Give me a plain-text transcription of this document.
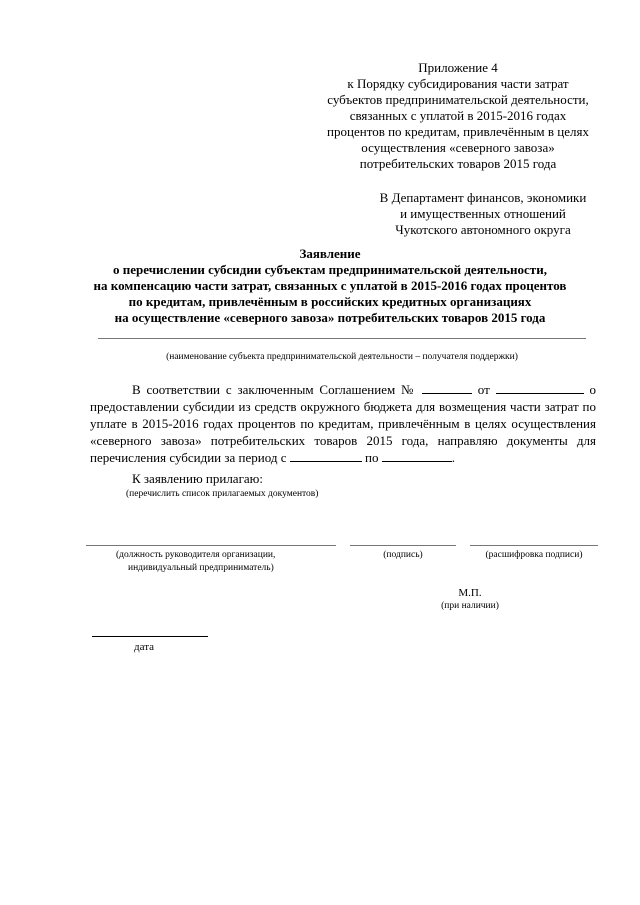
Приложение 4
к Порядку субсидирования части затрат
субъектов предпринимательской деятельности,
связанных с уплатой в 2015-2016 годах
процентов по кредитам, привлечённым в целях
осуществления «северного завоза»
потребительских товаров 2015 года
В Департамент финансов, экономики
и имущественных отношений
Чукотского автономного округа
Заявление
о перечислении субсидии субъектам предпринимательской деятельности,
на компенсацию части затрат, связанных с уплатой в 2015-2016 годах процентов
по кредитам, привлечённым в российских кредитных организациях
на осуществление «северного завоза» потребительских товаров 2015 года
(наименование субъекта предпринимательской деятельности – получателя поддержки)
В соответствии с заключенным Соглашением №	от	о предоставлении субсидии из средств окружного бюджета для возмещения части затрат по уплате в 2015-2016 годах процентов по кредитам, привлечённым в целях осуществления «северного завоза» потребительских товаров 2015 года, направляю документы для перечисления субсидии за период с	по	.
К заявлению прилагаю:
(перечислить список прилагаемых документов)
(должность руководителя организации,
индивидуальный предприниматель)
(подпись)	(расшифровка подписи)
М.П.
(при наличии)
дата
